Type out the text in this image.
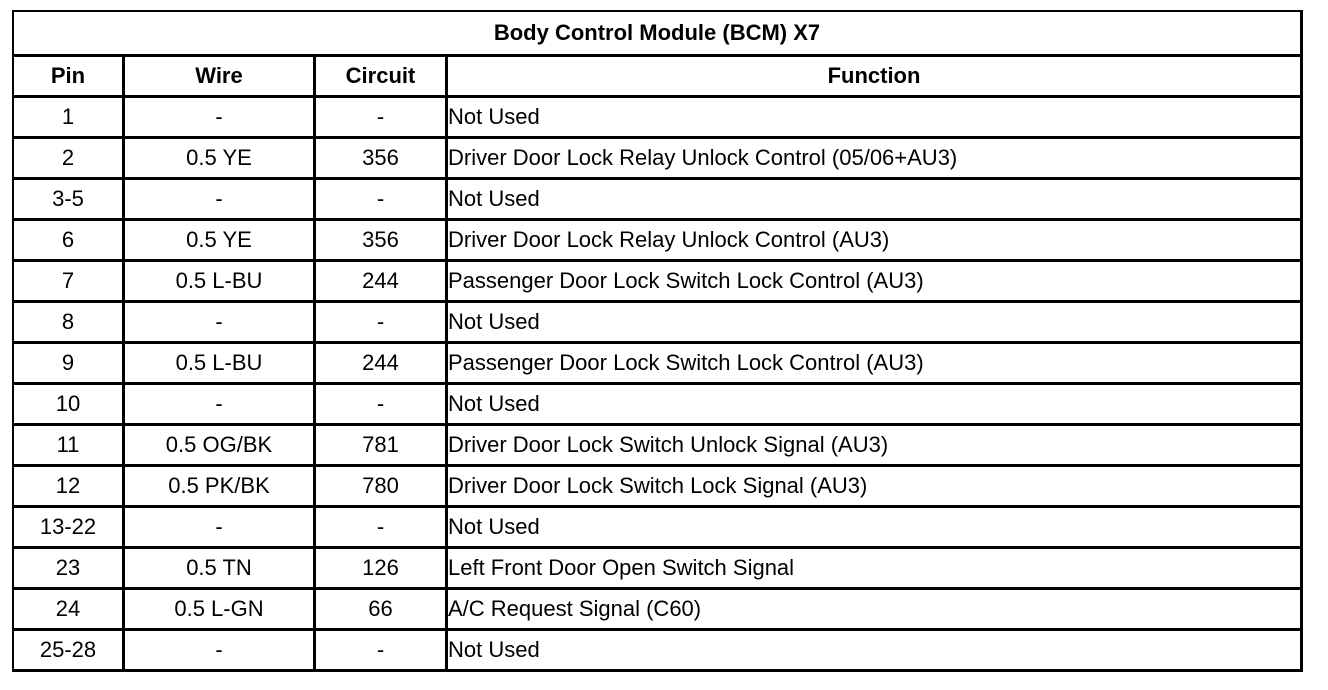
Body Control Module (BCM) X7			
Pin	Wire	Circuit	Function
1	-	-	Not Used
2	0.5 YE	356	Driver Door Lock Relay Unlock Control (05/06+AU3)
3-5	-	-	Not Used
6	0.5 YE	356	Driver Door Lock Relay Unlock Control (AU3)
7	0.5 L-BU	244	Passenger Door Lock Switch Lock Control (AU3)
8	-	-	Not Used
9	0.5 L-BU	244	Passenger Door Lock Switch Lock Control (AU3)
10	-	-	Not Used
11	0.5 OG/BK	781	Driver Door Lock Switch Unlock Signal (AU3)
12	0.5 PK/BK	780	Driver Door Lock Switch Lock Signal (AU3)
13-22	-	-	Not Used
23	0.5 TN	126	Left Front Door Open Switch Signal
24	0.5 L-GN	66	A/C Request Signal (C60)
25-28	-	-	Not Used
